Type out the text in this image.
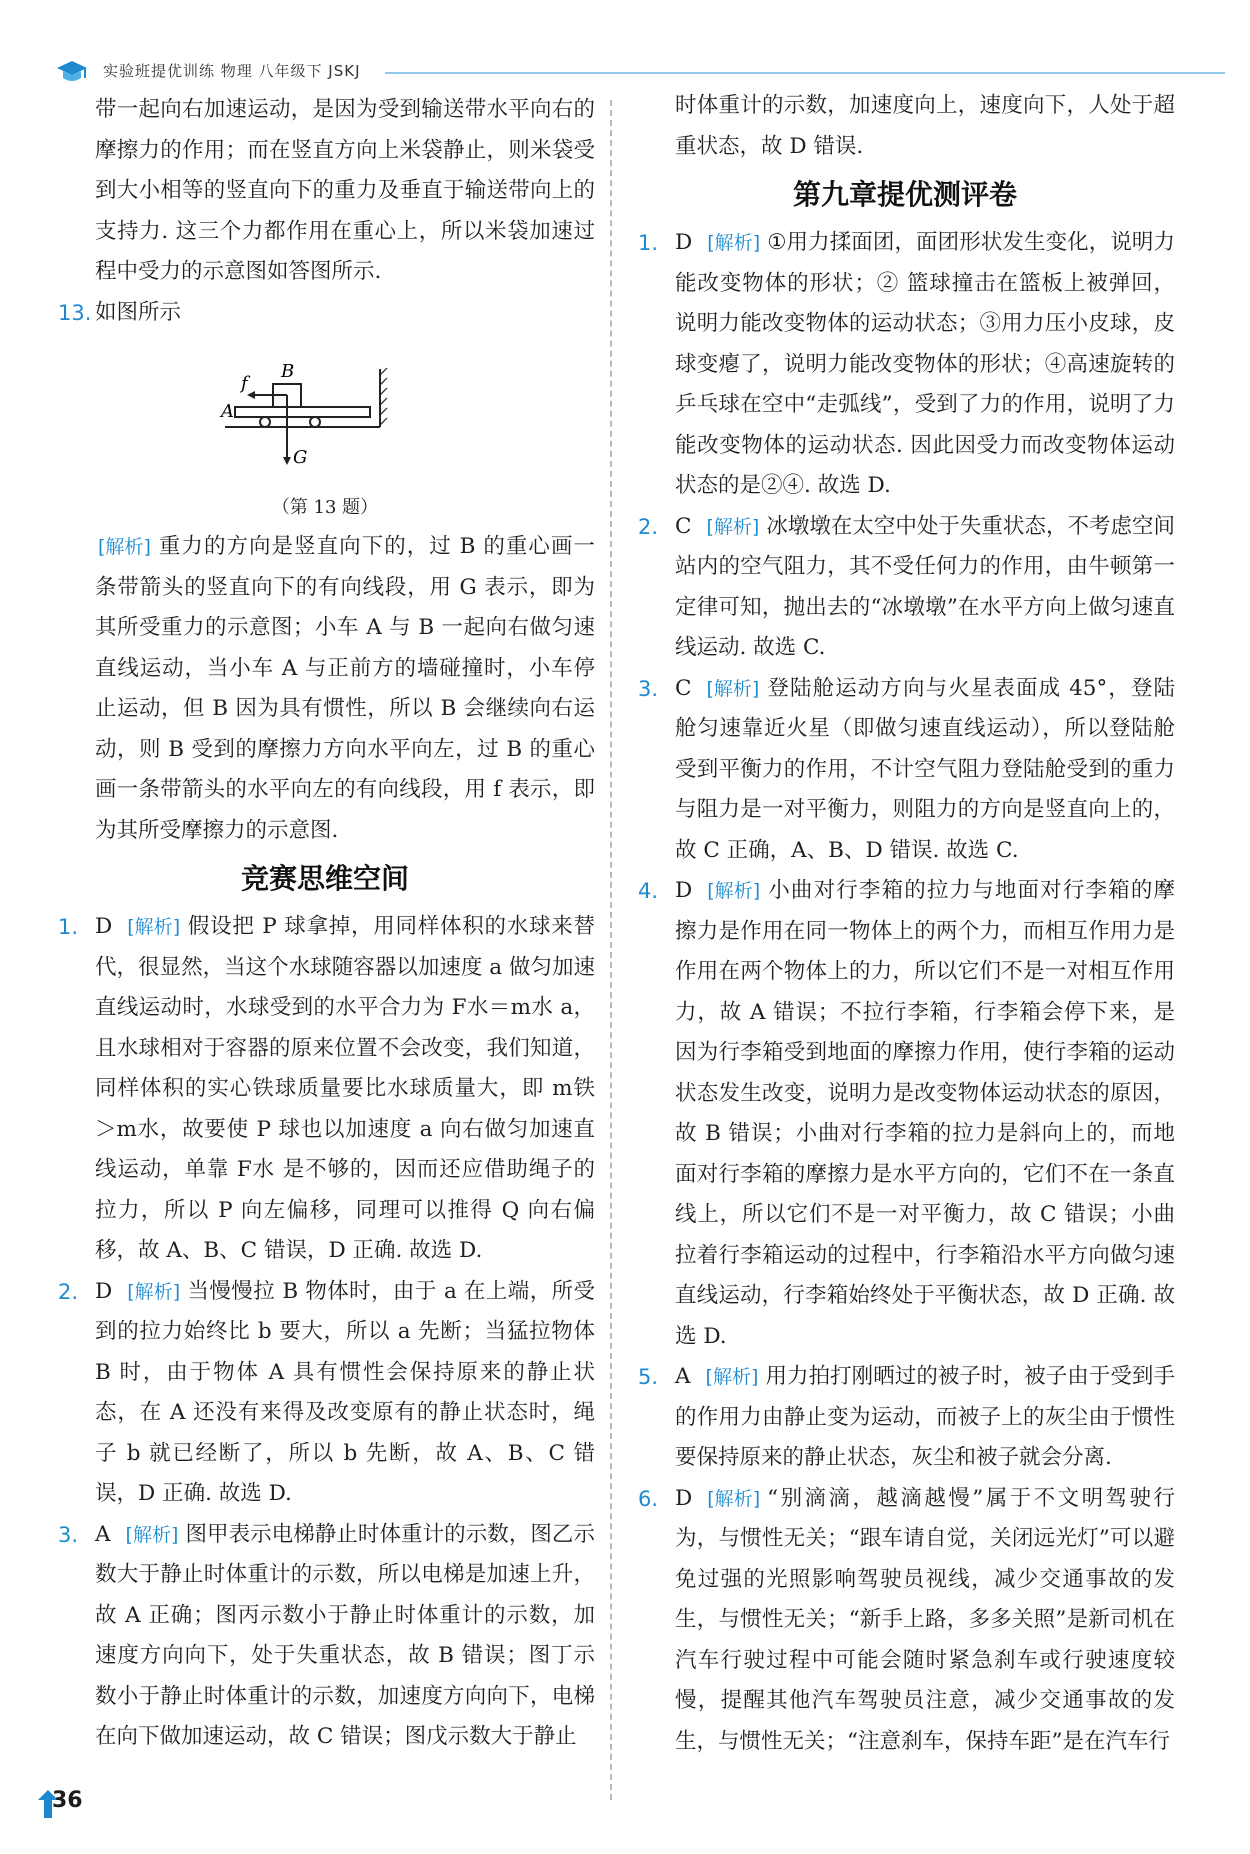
实验班提优训练 物理 八年级下 JSKJ

带一起向右加速运动，是因为受到输送带水平向右的摩擦力的作用；而在竖直方向上米袋静止，则米袋受到大小相等的竖直向下的重力及垂直于输送带向上的支持力. 这三个力都作用在重心上，所以米袋加速过程中受力的示意图如答图所示.

13. 如图所示

f
B
A
G
（第 13 题）

[ 解析 ] 重力的方向是竖直向下的，过 B 的重心画一条带箭头的竖直向下的有向线段，用 G 表示，即为其所受重力的示意图；小车 A 与 B 一起向右做匀速直线运动，当小车 A 与正前方的墙碰撞时，小车停止运动，但 B 因为具有惯性，所以 B 会继续向右运动，则 B 受到的摩擦力方向水平向左，过 B 的重心画一条带箭头的水平向左的有向线段，用 f 表示，即为其所受摩擦力的示意图.

竞赛思维空间

1. D [ 解析 ] 假设把 P 球拿掉，用同样体积的水球来替代，很显然，当这个水球随容器以加速度 a 做匀加速直线运动时，水球受到的水平合力为 F水＝m水 a，且水球相对于容器的原来位置不会改变，我们知道，同样体积的实心铁球质量要比水球质量大，即 m铁＞m水，故要使 P 球也以加速度 a 向右做匀加速直线运动，单靠 F水 是不够的，因而还应借助绳子的拉力，所以 P 向左偏移，同理可以推得 Q 向右偏移，故 A、B、C 错误，D 正确. 故选 D.

2. D [ 解析 ] 当慢慢拉 B 物体时，由于 a 在上端，所受到的拉力始终比 b 要大，所以 a 先断；当猛拉物体 B 时，由于物体 A 具有惯性会保持原来的静止状态，在 A 还没有来得及改变原有的静止状态时，绳子 b 就已经断了，所以 b 先断，故 A、B、C 错误，D 正确. 故选 D.

3. A [ 解析 ] 图甲表示电梯静止时体重计的示数，图乙示数大于静止时体重计的示数，所以电梯是加速上升，故 A 正确；图丙示数小于静止时体重计的示数，加速度方向向下，处于失重状态，故 B 错误；图丁示数小于静止时体重计的示数，加速度方向向下，电梯在向下做加速运动，故 C 错误；图戊示数大于静止

时体重计的示数，加速度向上，速度向下，人处于超重状态，故 D 错误.

第九章提优测评卷

1. D [ 解析 ] ①用力揉面团，面团形状发生变化，说明力能改变物体的形状；② 篮球撞击在篮板上被弹回，说明力能改变物体的运动状态；③用力压小皮球，皮球变瘪了，说明力能改变物体的形状；④高速旋转的乒乓球在空中“走弧线”，受到了力的作用，说明了力能改变物体的运动状态. 因此因受力而改变物体运动状态的是②④. 故选 D.

2. C [ 解析 ] 冰墩墩在太空中处于失重状态，不考虑空间站内的空气阻力，其不受任何力的作用，由牛顿第一定律可知，抛出去的“冰墩墩”在水平方向上做匀速直线运动. 故选 C.

3. C [ 解析 ] 登陆舱运动方向与火星表面成 45°，登陆舱匀速靠近火星（即做匀速直线运动），所以登陆舱受到平衡力的作用，不计空气阻力登陆舱受到的重力与阻力是一对平衡力，则阻力的方向是竖直向上的，故 C 正确，A、B、D 错误. 故选 C.

4. D [ 解析 ] 小曲对行李箱的拉力与地面对行李箱的摩擦力是作用在同一物体上的两个力，而相互作用力是作用在两个物体上的力，所以它们不是一对相互作用力，故 A 错误；不拉行李箱，行李箱会停下来，是因为行李箱受到地面的摩擦力作用，使行李箱的运动状态发生改变，说明力是改变物体运动状态的原因，故 B 错误；小曲对行李箱的拉力是斜向上的，而地面对行李箱的摩擦力是水平方向的，它们不在一条直线上，所以它们不是一对平衡力，故 C 错误；小曲拉着行李箱运动的过程中，行李箱沿水平方向做匀速直线运动，行李箱始终处于平衡状态，故 D 正确. 故选 D.

5. A [ 解析 ] 用力拍打刚晒过的被子时，被子由于受到手的作用力由静止变为运动，而被子上的灰尘由于惯性要保持原来的静止状态，灰尘和被子就会分离.

6. D [ 解析 ] “别滴滴，越滴越慢”属于不文明驾驶行为，与惯性无关；“跟车请自觉，关闭远光灯”可以避免过强的光照影响驾驶员视线，减少交通事故的发生，与惯性无关；“新手上路，多多关照”是新司机在汽车行驶过程中可能会随时紧急刹车或行驶速度较慢，提醒其他汽车驾驶员注意，减少交通事故的发生，与惯性无关；“注意刹车，保持车距”是在汽车行

36
